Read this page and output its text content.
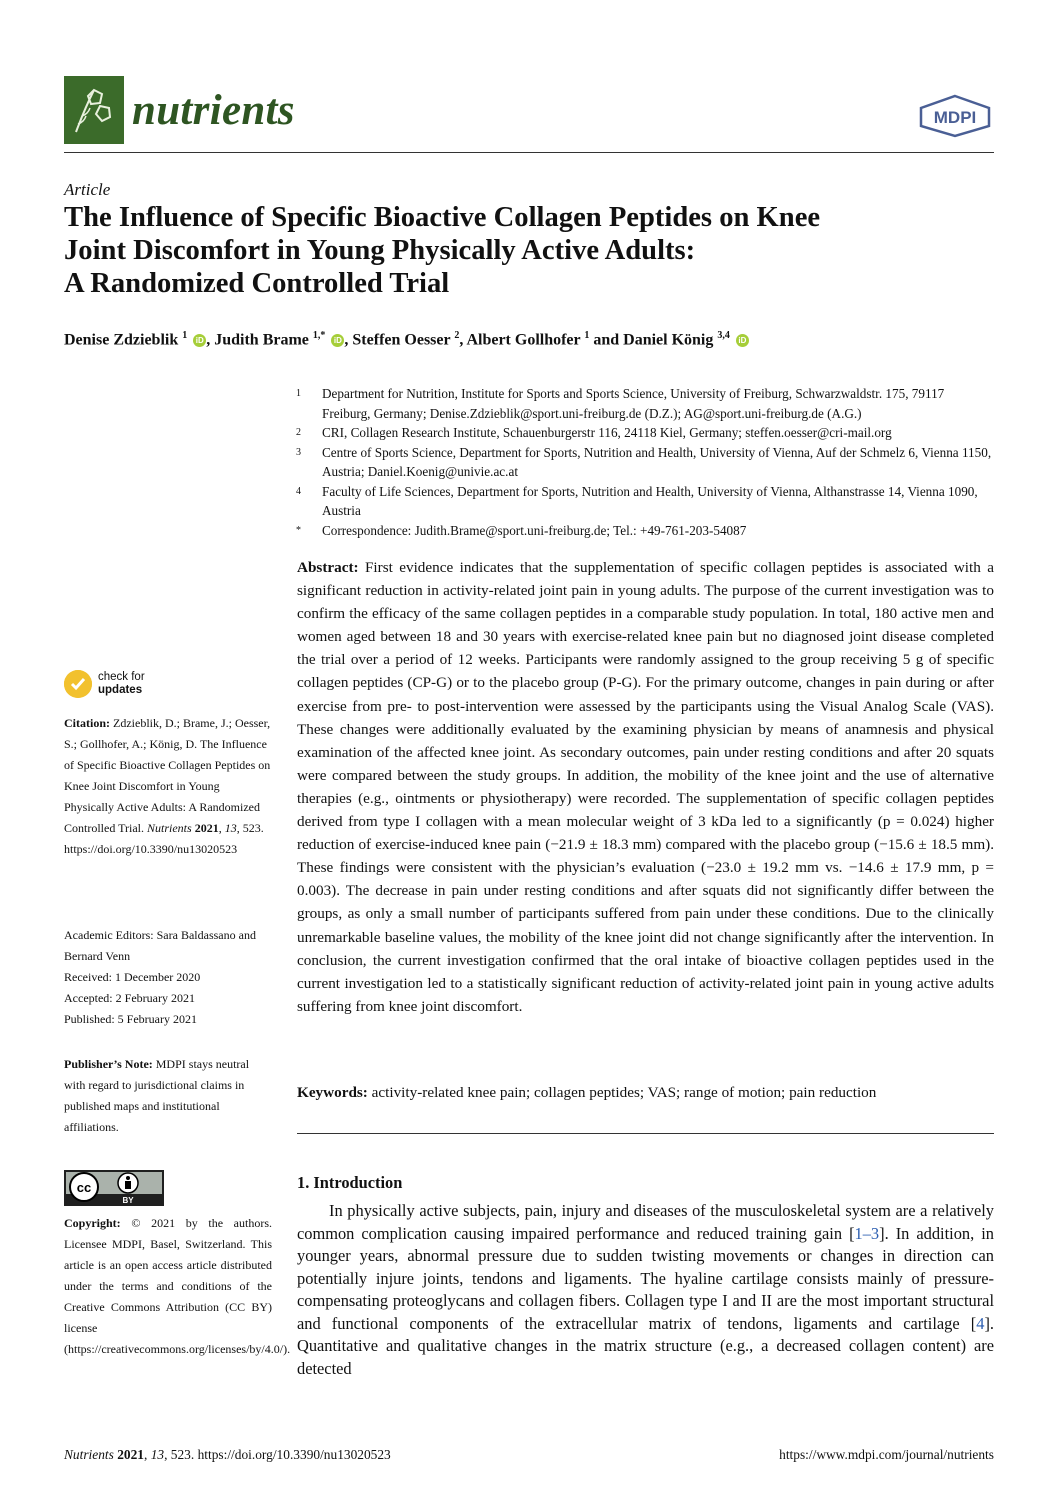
nutrients	MDPI
Article
The Influence of Specific Bioactive Collagen Peptides on Knee
Joint Discomfort in Young Physically Active Adults:
A Randomized Controlled Trial
Denise Zdzieblik $^1$ iD , Judith Brame $^{1,*}$ iD , Steffen Oesser $^2$, Albert Gollhofer $^1$ and Daniel König $^{3,4}$ iD
1	Department for Nutrition, Institute for Sports and Sports Science, University of Freiburg, Schwarzwaldstr. 175, 79117 Freiburg, Germany; Denise.Zdzieblik@sport.uni-freiburg.de (D.Z.); AG@sport.uni-freiburg.de (A.G.)
2	CRI, Collagen Research Institute, Schauenburgerstr 116, 24118 Kiel, Germany; steffen.oesser@cri-mail.org
3	Centre of Sports Science, Department for Sports, Nutrition and Health, University of Vienna, Auf der Schmelz 6, Vienna 1150, Austria; Daniel.Koenig@univie.ac.at
4	Faculty of Life Sciences, Department for Sports, Nutrition and Health, University of Vienna, Althanstrasse 14, Vienna 1090, Austria
*	Correspondence: Judith.Brame@sport.uni-freiburg.de; Tel.: +49-761-203-54087
Abstract: First evidence indicates that the supplementation of specific collagen peptides is associated with a significant reduction in activity-related joint pain in young adults. The purpose of the current investigation was to confirm the efficacy of the same collagen peptides in a comparable study population. In total, 180 active men and women aged between 18 and 30 years with exercise-related knee pain but no diagnosed joint disease completed the trial over a period of 12 weeks. Participants were randomly assigned to the group receiving 5 g of specific collagen peptides (CP-G) or to the placebo group (P-G). For the primary outcome, changes in pain during or after exercise from pre- to post-intervention were assessed by the participants using the Visual Analog Scale (VAS). These changes were additionally evaluated by the examining physician by means of anamnesis and physical examination of the affected knee joint. As secondary outcomes, pain under resting conditions and after 20 squats were compared between the study groups. In addition, the mobility of the knee joint and the use of alternative therapies (e.g., ointments or physiotherapy) were recorded. The supplementation of specific collagen peptides derived from type I collagen with a mean molecular weight of 3 kDa led to a significantly (p = 0.024) higher reduction of exercise-induced knee pain (−21.9 ± 18.3 mm) compared with the placebo group (−15.6 ± 18.5 mm). These findings were consistent with the physician’s evaluation (−23.0 ± 19.2 mm vs. −14.6 ± 17.9 mm, p = 0.003). The decrease in pain under resting conditions and after squats did not significantly differ between the groups, as only a small number of participants suffered from pain under these conditions. Due to the clinically unremarkable baseline values, the mobility of the knee joint did not change significantly after the intervention. In conclusion, the current investigation confirmed that the oral intake of bioactive collagen peptides used in the current investigation led to a statistically significant reduction of activity-related joint pain in young active adults suffering from knee joint discomfort.
Keywords: activity-related knee pain; collagen peptides; VAS; range of motion; pain reduction
check for
updates
Citation: Zdzieblik, D.; Brame, J.; Oesser, S.; Gollhofer, A.; König, D. The Influence of Specific Bioactive Collagen Peptides on Knee Joint Discomfort in Young Physically Active Adults: A Randomized Controlled Trial. Nutrients 2021, 13, 523. https://doi.org/10.3390/nu13020523
Academic Editors: Sara Baldassano and Bernard Venn
Received: 1 December 2020
Accepted: 2 February 2021
Published: 5 February 2021
Publisher’s Note: MDPI stays neutral with regard to jurisdictional claims in published maps and institutional affiliations.
cc
BY
Copyright: © 2021 by the authors. Licensee MDPI, Basel, Switzerland. This article is an open access article distributed under the terms and conditions of the Creative Commons Attribution (CC BY) license (https://creativecommons.org/licenses/by/4.0/).
1. Introduction
In physically active subjects, pain, injury and diseases of the musculoskeletal system are a relatively common complication causing impaired performance and reduced training gain [1–3]. In addition, in younger years, abnormal pressure due to sudden twisting movements or changes in direction can potentially injure joints, tendons and ligaments. The hyaline cartilage consists mainly of pressure-compensating proteoglycans and collagen fibers. Collagen type I and II are the most important structural and functional components of the extracellular matrix of tendons, ligaments and cartilage [4]. Quantitative and qualitative changes in the matrix structure (e.g., a decreased collagen content) are detected
Nutrients 2021, 13, 523. https://doi.org/10.3390/nu13020523	https://www.mdpi.com/journal/nutrients
